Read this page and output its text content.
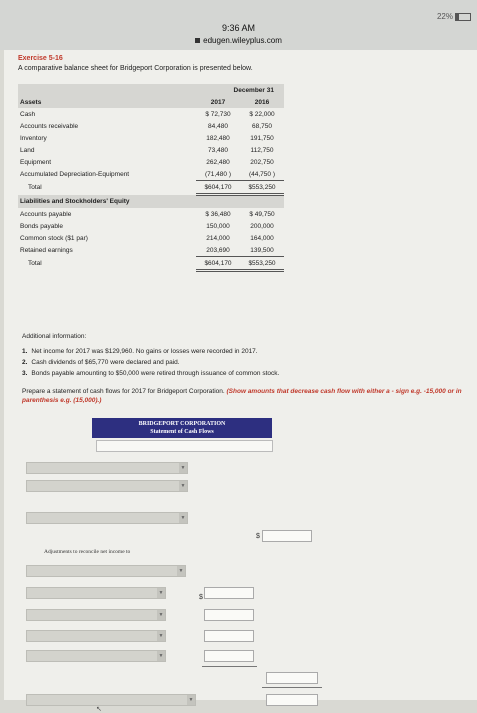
9:36 AM
edugen.wileyplus.com
22%
Exercise 5-16
A comparative balance sheet for Bridgeport Corporation is presented below.
	December 31	
Assets	2017	2016
Cash	$ 72,730	$ 22,000
Accounts receivable	84,480	68,750
Inventory	182,480	191,750
Land	73,480	112,750
Equipment	262,480	202,750
Accumulated Depreciation-Equipment	(71,480 )	(44,750 )
Total	$604,170	$553,250
Liabilities and Stockholders' Equity		
Accounts payable	$ 36,480	$ 49,750
Bonds payable	150,000	200,000
Common stock ($1 par)	214,000	164,000
Retained earnings	203,690	139,500
Total	$604,170	$553,250
Additional information:
1. Net income for 2017 was $129,960. No gains or losses were recorded in 2017.
2. Cash dividends of $65,770 were declared and paid.
3. Bonds payable amounting to $50,000 were retired through issuance of common stock.
Prepare a statement of cash flows for 2017 for Bridgeport Corporation. (Show amounts that decrease cash flow with either a - sign e.g. -15,000 or in parenthesis e.g. (15,000).)
BRIDGEPORT CORPORATION
Statement of Cash Flows
▼
▼
▼
$
Adjustments to reconcile net income to
▼
▼
$
▼
▼
▼
▼
↖
